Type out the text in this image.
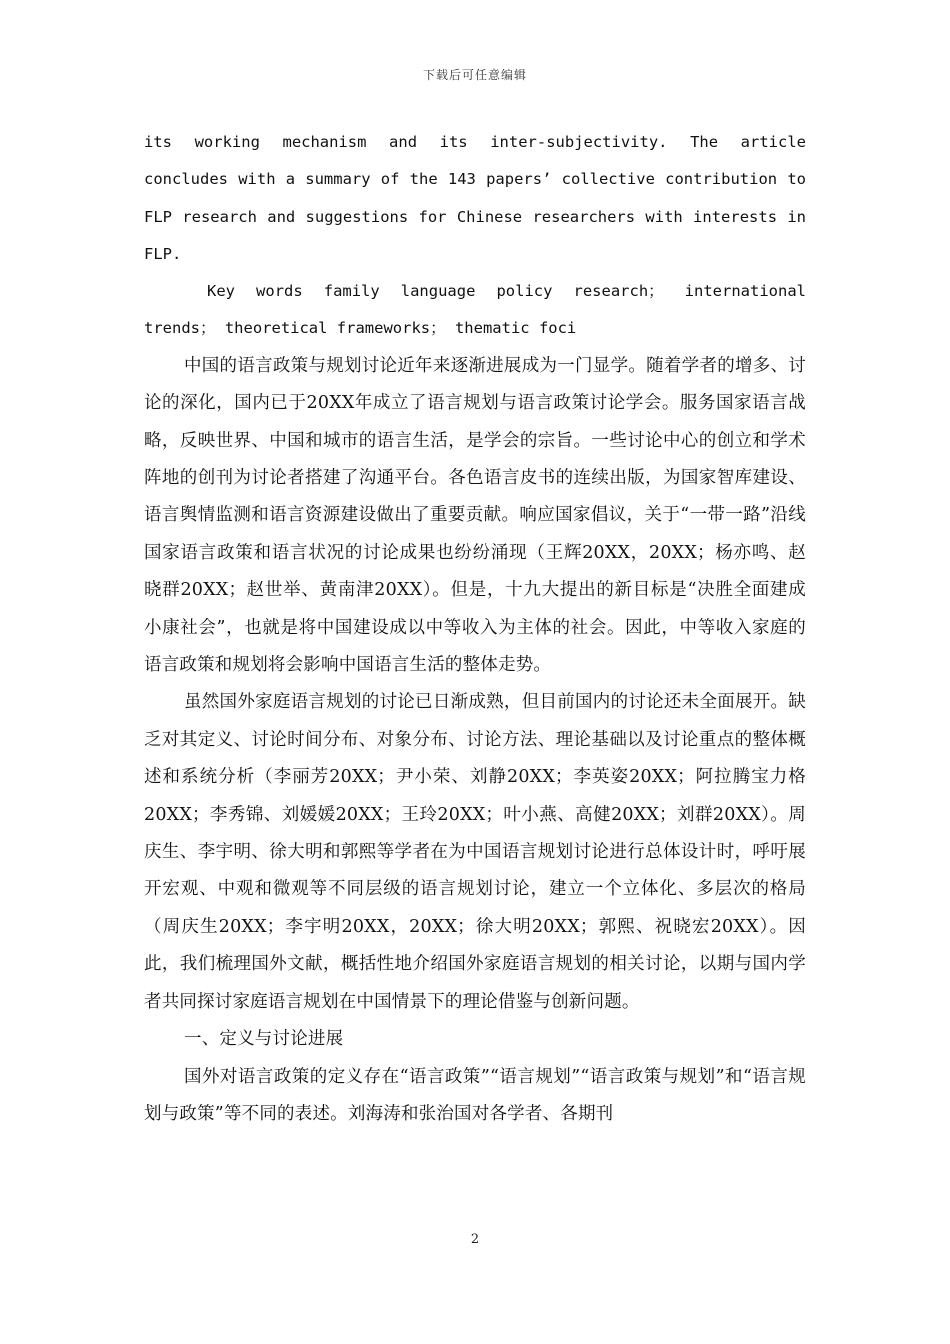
下载后可任意编辑

its working mechanism and its inter-subjectivity. The article concludes with a summary of the 143 papers’ collective contribution to FLP research and suggestions for Chinese researchers with interests in FLP.

Key words family language policy research； international trends； theoretical frameworks； thematic foci

中国的语言政策与规划讨论近年来逐渐进展成为一门显学。随着学者的增多、讨论的深化，国内已于20XX年成立了语言规划与语言政策讨论学会。服务国家语言战略，反映世界、中国和城市的语言生活，是学会的宗旨。一些讨论中心的创立和学术阵地的创刊为讨论者搭建了沟通平台。各色语言皮书的连续出版，为国家智库建设、语言舆情监测和语言资源建设做出了重要贡献。响应国家倡议，关于“一带一路”沿线国家语言政策和语言状况的讨论成果也纷纷涌现（王辉20XX，20XX；杨亦鸣、赵晓群20XX；赵世举、黄南津20XX）。但是，十九大提出的新目标是“决胜全面建成小康社会”，也就是将中国建设成以中等收入为主体的社会。因此，中等收入家庭的语言政策和规划将会影响中国语言生活的整体走势。

虽然国外家庭语言规划的讨论已日渐成熟，但目前国内的讨论还未全面展开。缺乏对其定义、讨论时间分布、对象分布、讨论方法、理论基础以及讨论重点的整体概述和系统分析（李丽芳20XX；尹小荣、刘静20XX；李英姿20XX；阿拉腾宝力格20XX；李秀锦、刘媛媛20XX；王玲20XX；叶小燕、高健20XX；刘群20XX）。周庆生、李宇明、徐大明和郭熙等学者在为中国语言规划讨论进行总体设计时，呼吁展开宏观、中观和微观等不同层级的语言规划讨论，建立一个立体化、多层次的格局（周庆生20XX；李宇明20XX，20XX；徐大明20XX；郭熙、祝晓宏20XX）。因此，我们梳理国外文献，概括性地介绍国外家庭语言规划的相关讨论，以期与国内学者共同探讨家庭语言规划在中国情景下的理论借鉴与创新问题。

一、定义与讨论进展

国外对语言政策的定义存在“语言政策”“语言规划”“语言政策与规划”和“语言规划与政策”等不同的表述。刘海涛和张治国对各学者、各期刊

2
